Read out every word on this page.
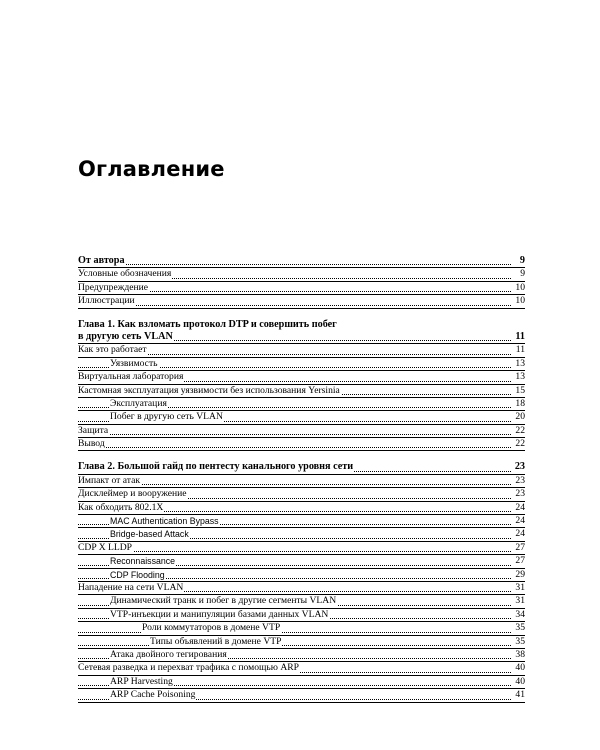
Оглавление
От автора	9
Условные обозначения	9
Предупреждение	10
Иллюстрации	10
Глава 1. Как взломать протокол DTP и совершить побег
в другую сеть VLAN	11
Как это работает	11
Уязвимость	13
Виртуальная лаборатория	13
Кастомная эксплуатация уязвимости без использования Yersinia	15
Эксплуатация	18
Побег в другую сеть VLAN	20
Защита	22
Вывод	22
Глава 2. Большой гайд по пентесту канального уровня сети	23
Импакт от атак	23
Дисклеймер и вооружение	23
Как обходить 802.1X	24
MAC Authentication Bypass	24
Bridge-based Attack	24
CDP X LLDP	27
Reconnaissance	27
CDP Flooding	29
Нападение на сети VLAN	31
Динамический транк и побег в другие сегменты VLAN	31
VTP-инъекции и манипуляции базами данных VLAN	34
Роли коммутаторов в домене VTP	35
Типы объявлений в домене VTP	35
Атака двойного тегирования	38
Сетевая разведка и перехват трафика с помощью ARP	40
ARP Harvesting	40
ARP Cache Poisoning	41
